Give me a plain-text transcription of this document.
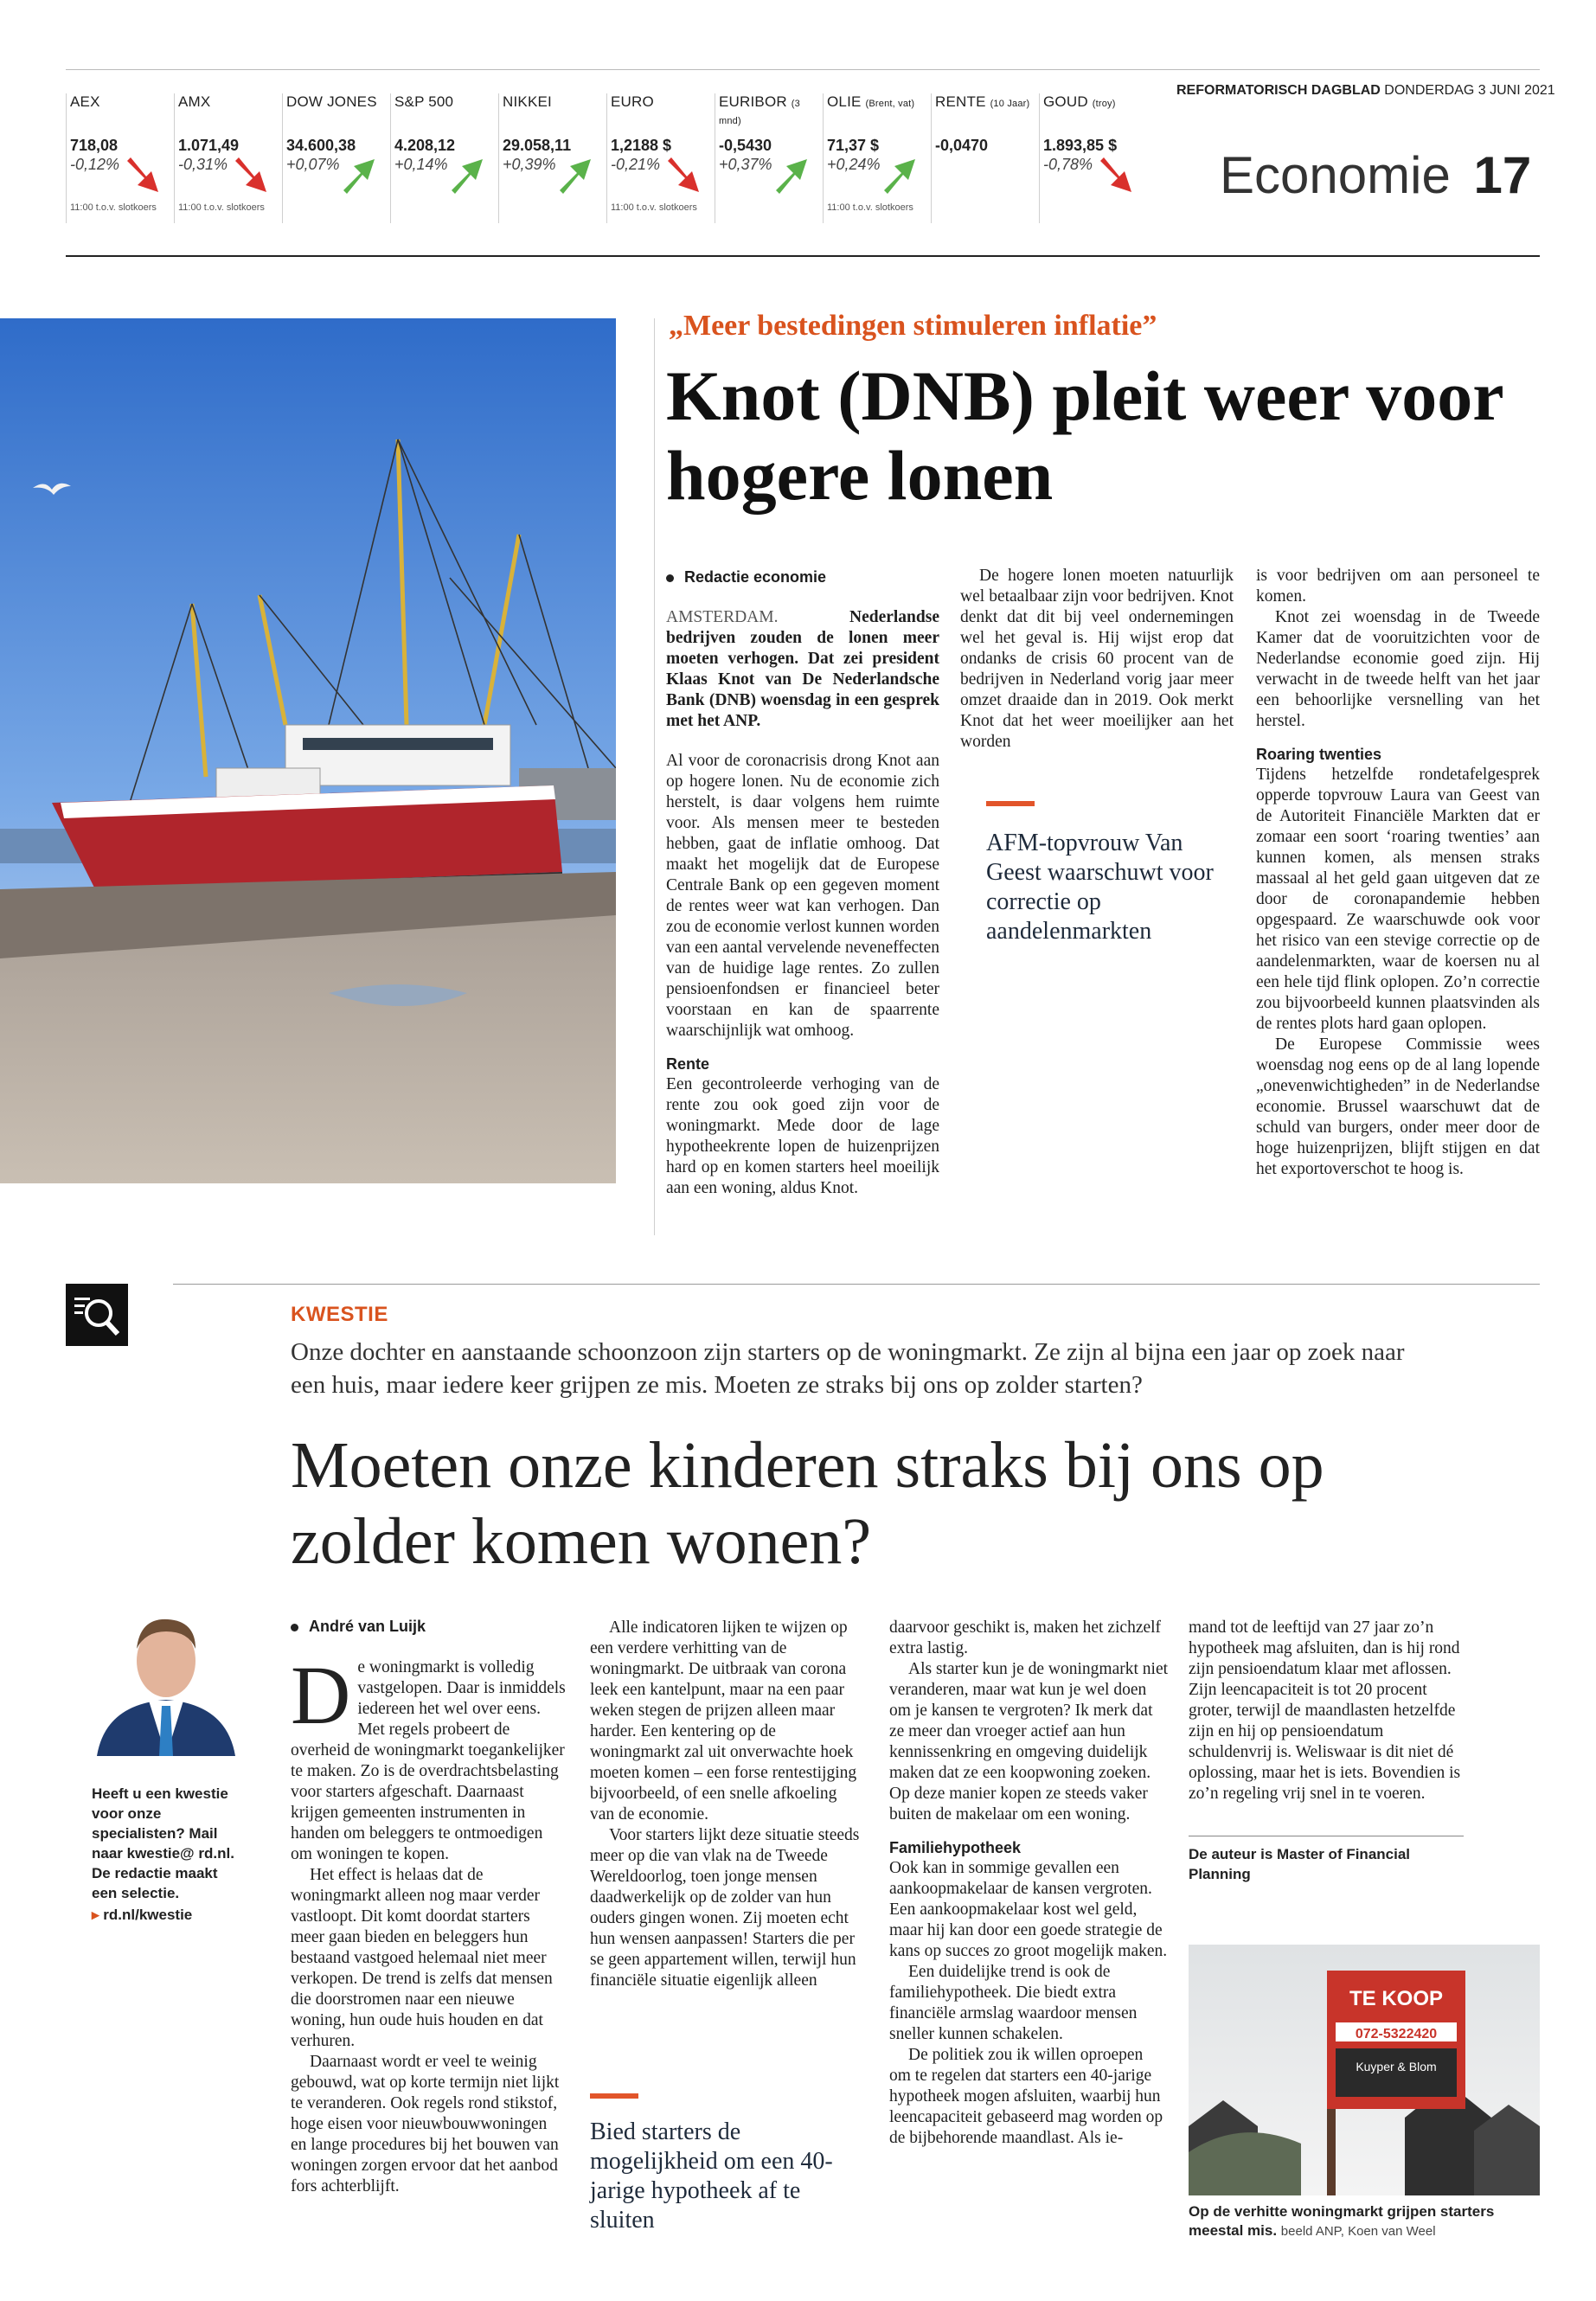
AEX
718,08
-0,12%
11:00 t.o.v. slotkoers
AMX
1.071,49
-0,31%
11:00 t.o.v. slotkoers
DOW JONES
34.600,38
+0,07%
S&P 500
4.208,12
+0,14%
NIKKEI
29.058,11
+0,39%
EURO
1,2188 $
-0,21%
11:00 t.o.v. slotkoers
EURIBOR (3 mnd)
-0,5430
+0,37%
OLIE (Brent, vat)
71,37 $
+0,24%
11:00 t.o.v. slotkoers
RENTE (10 Jaar)
-0,0470
GOUD (troy)
1.893,85 $
-0,78%
REFORMATORISCH DAGBLAD DONDERDAG 3 JUNI 2021
Economie 17
„Meer bestedingen stimuleren inflatie”
Knot (DNB) pleit weer voor hogere lonen
Redactie economie

AMSTERDAM.	Nederlandse bedrijven zouden de lonen meer moeten verhogen. Dat zei president Klaas Knot van De Nederlandsche Bank (DNB) woensdag in een gesprek met het ANP.

Al voor de coronacrisis drong Knot aan op hogere lonen. Nu de economie zich herstelt, is daar volgens hem ruimte voor. Als mensen meer te besteden hebben, gaat de inflatie omhoog. Dat maakt het mogelijk dat de Europese Centrale Bank op een gegeven moment de rentes weer wat kan verhogen. Dan zou de economie verlost kunnen worden van een aantal vervelende neveneffecten van de huidige lage rentes. Zo zullen pensioenfondsen er financieel beter voorstaan en kan de spaarrente waarschijnlijk wat omhoog.

Rente

Een gecontroleerde verhoging van de rente zou ook goed zijn voor de woningmarkt. Mede door de lage hypotheekrente lopen de huizenprijzen hard op en komen starters heel moeilijk aan een woning, aldus Knot.

De hogere lonen moeten natuurlijk wel betaalbaar zijn voor bedrijven. Knot denkt dat dit bij veel ondernemingen wel het geval is. Hij wijst erop dat ondanks de crisis 60 procent van de bedrijven in Nederland vorig jaar meer omzet draaide dan in 2019. Ook merkt Knot dat het weer moeilijker aan het worden

AFM-topvrouw Van Geest waarschuwt voor correctie op aandelenmarkten

is voor bedrijven om aan personeel te komen.

Knot zei woensdag in de Tweede Kamer dat de vooruitzichten voor de Nederlandse economie goed zijn. Hij verwacht in de tweede helft van het jaar een behoorlijke versnelling van het herstel.

Roaring twenties

Tijdens hetzelfde rondetafelgesprek opperde topvrouw Laura van Geest van de Autoriteit Financiële Markten dat er zomaar een soort ‘roaring twenties’ aan kunnen komen, als mensen straks massaal al het geld gaan uitgeven dat ze door de coronapandemie hebben opgespaard. Ze waarschuwde ook voor het risico van een stevige correctie op de aandelenmarkten, waar de koersen nu al een hele tijd flink oplopen. Zo’n correctie zou bijvoorbeeld kunnen plaatsvinden als de rentes plots hard gaan oplopen.

De Europese Commissie wees woensdag nog eens op de al lang lopende „onevenwichtigheden” in de Nederlandse economie. Brussel waarschuwt dat de schuld van burgers, onder meer door de hoge huizenprijzen, blijft stijgen en dat het exportoverschot te hoog is.

KWESTIE
Onze dochter en aanstaande schoonzoon zijn starters op de woningmarkt. Ze zijn al bijna een jaar op zoek naar een huis, maar iedere keer grijpen ze mis. Moeten ze straks bij ons op zolder starten?
Moeten onze kinderen straks bij ons op zolder komen wonen?
Heeft u een kwestie voor onze specialisten? Mail naar kwestie@ rd.nl. De redactie maakt een selectie.
▸ rd.nl/kwestie
André van Luijk

De woningmarkt is volledig vastgelopen. Daar is inmiddels iedereen het wel over eens. Met regels probeert de overheid de woningmarkt toegankelijker te maken. Zo is de overdrachtsbelasting voor starters afgeschaft. Daarnaast krijgen gemeenten instrumenten in handen om beleggers te ontmoedigen om woningen te kopen.

Het effect is helaas dat de woningmarkt alleen nog maar verder vastloopt. Dit komt doordat starters meer gaan bieden en beleggers hun bestaand vastgoed helemaal niet meer verkopen. De trend is zelfs dat mensen die doorstromen naar een nieuwe woning, hun oude huis houden en dat verhuren.

Daarnaast wordt er veel te weinig gebouwd, wat op korte termijn niet lijkt te veranderen. Ook regels rond stikstof, hoge eisen voor nieuwbouwwoningen en lange procedures bij het bouwen van woningen zorgen ervoor dat het aanbod fors achterblijft.

Alle indicatoren lijken te wijzen op een verdere verhitting van de woningmarkt. De uitbraak van corona leek een kantelpunt, maar na een paar weken stegen de prijzen alleen maar harder. Een kentering op de woningmarkt zal uit onverwachte hoek moeten komen – een forse rentestijging bijvoorbeeld, of een snelle afkoeling van de economie.

Voor starters lijkt deze situatie steeds meer op die van vlak na de Tweede Wereldoorlog, toen jonge mensen daadwerkelijk op de zolder van hun ouders gingen wonen. Zij moeten echt hun wensen aanpassen! Starters die per se geen appartement willen, terwijl hun financiële situatie eigenlijk alleen

Bied starters de mogelijkheid om een 40-jarige hypotheek af te sluiten

daarvoor geschikt is, maken het zichzelf extra lastig.

Als starter kun je de woningmarkt niet veranderen, maar wat kun je wel doen om je kansen te vergroten? Ik merk dat ze meer dan vroeger actief aan hun kennissenkring en omgeving duidelijk maken dat ze een koopwoning zoeken. Op deze manier kopen ze steeds vaker buiten de makelaar om een woning.

Familiehypotheek

Ook kan in sommige gevallen een aankoopmakelaar de kansen vergroten. Een aankoopmakelaar kost wel geld, maar hij kan door een goede strategie de kans op succes zo groot mogelijk maken.

Een duidelijke trend is ook de familiehypotheek. Die biedt extra financiële armslag waardoor mensen sneller kunnen schakelen.

De politiek zou ik willen oproepen om te regelen dat starters een 40-jarige hypotheek mogen afsluiten, waarbij hun leencapaciteit gebaseerd mag worden op de bijbehorende maandlast. Als ie-

mand tot de leeftijd van 27 jaar zo’n hypotheek mag afsluiten, dan is hij rond zijn pensioendatum klaar met aflossen. Zijn leencapaciteit is tot 20 procent groter, terwijl de maandlasten hetzelfde zijn en hij op pensioendatum schuldenvrij is. Weliswaar is dit niet dé oplossing, maar het is iets. Bovendien is zo’n regeling vrij snel in te voeren.

De auteur is Master of Financial Planning
TE KOOP
072-5322420
Kuyper & Blom
Op de verhitte woningmarkt grijpen starters meestal mis. beeld ANP, Koen van Weel
